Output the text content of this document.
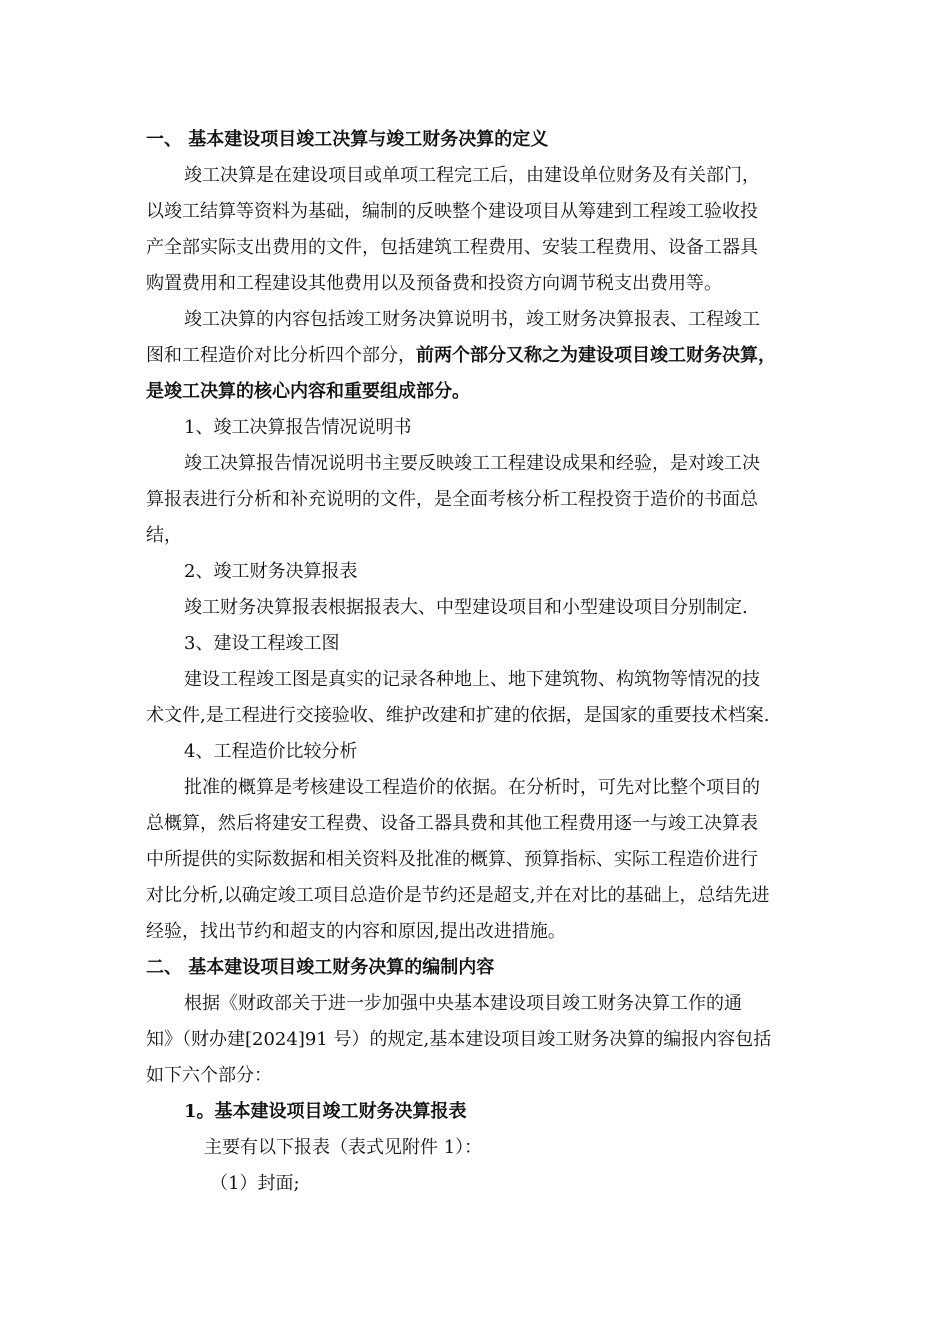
一、 基本建设项目竣工决算与竣工财务决算的定义
竣工决算是在建设项目或单项工程完工后，由建设单位财务及有关部门，
以竣工结算等资料为基础，编制的反映整个建设项目从筹建到工程竣工验收投
产全部实际支出费用的文件，包括建筑工程费用、安装工程费用、设备工器具
购置费用和工程建设其他费用以及预备费和投资方向调节税支出费用等。
竣工决算的内容包括竣工财务决算说明书，竣工财务决算报表、工程竣工
图和工程造价对比分析四个部分，前两个部分又称之为建设项目竣工财务决算，
是竣工决算的核心内容和重要组成部分。
1、竣工决算报告情况说明书
竣工决算报告情况说明书主要反映竣工工程建设成果和经验，是对竣工决
算报表进行分析和补充说明的文件，是全面考核分析工程投资于造价的书面总
结，
2、竣工财务决算报表
竣工财务决算报表根据报表大、中型建设项目和小型建设项目分别制定.
3、建设工程竣工图
建设工程竣工图是真实的记录各种地上、地下建筑物、构筑物等情况的技
术文件,是工程进行交接验收、维护改建和扩建的依据，是国家的重要技术档案.
4、工程造价比较分析
批准的概算是考核建设工程造价的依据。在分析时，可先对比整个项目的
总概算，然后将建安工程费、设备工器具费和其他工程费用逐一与竣工决算表
中所提供的实际数据和相关资料及批准的概算、预算指标、实际工程造价进行
对比分析,以确定竣工项目总造价是节约还是超支,并在对比的基础上，总结先进
经验，找出节约和超支的内容和原因,提出改进措施。
二、 基本建设项目竣工财务决算的编制内容
根据《财政部关于进一步加强中央基本建设项目竣工财务决算工作的通
知》（财办建[2024]91 号）的规定,基本建设项目竣工财务决算的编报内容包括
如下六个部分：
1。基本建设项目竣工财务决算报表
主要有以下报表（表式见附件 1）：
（1）封面;
